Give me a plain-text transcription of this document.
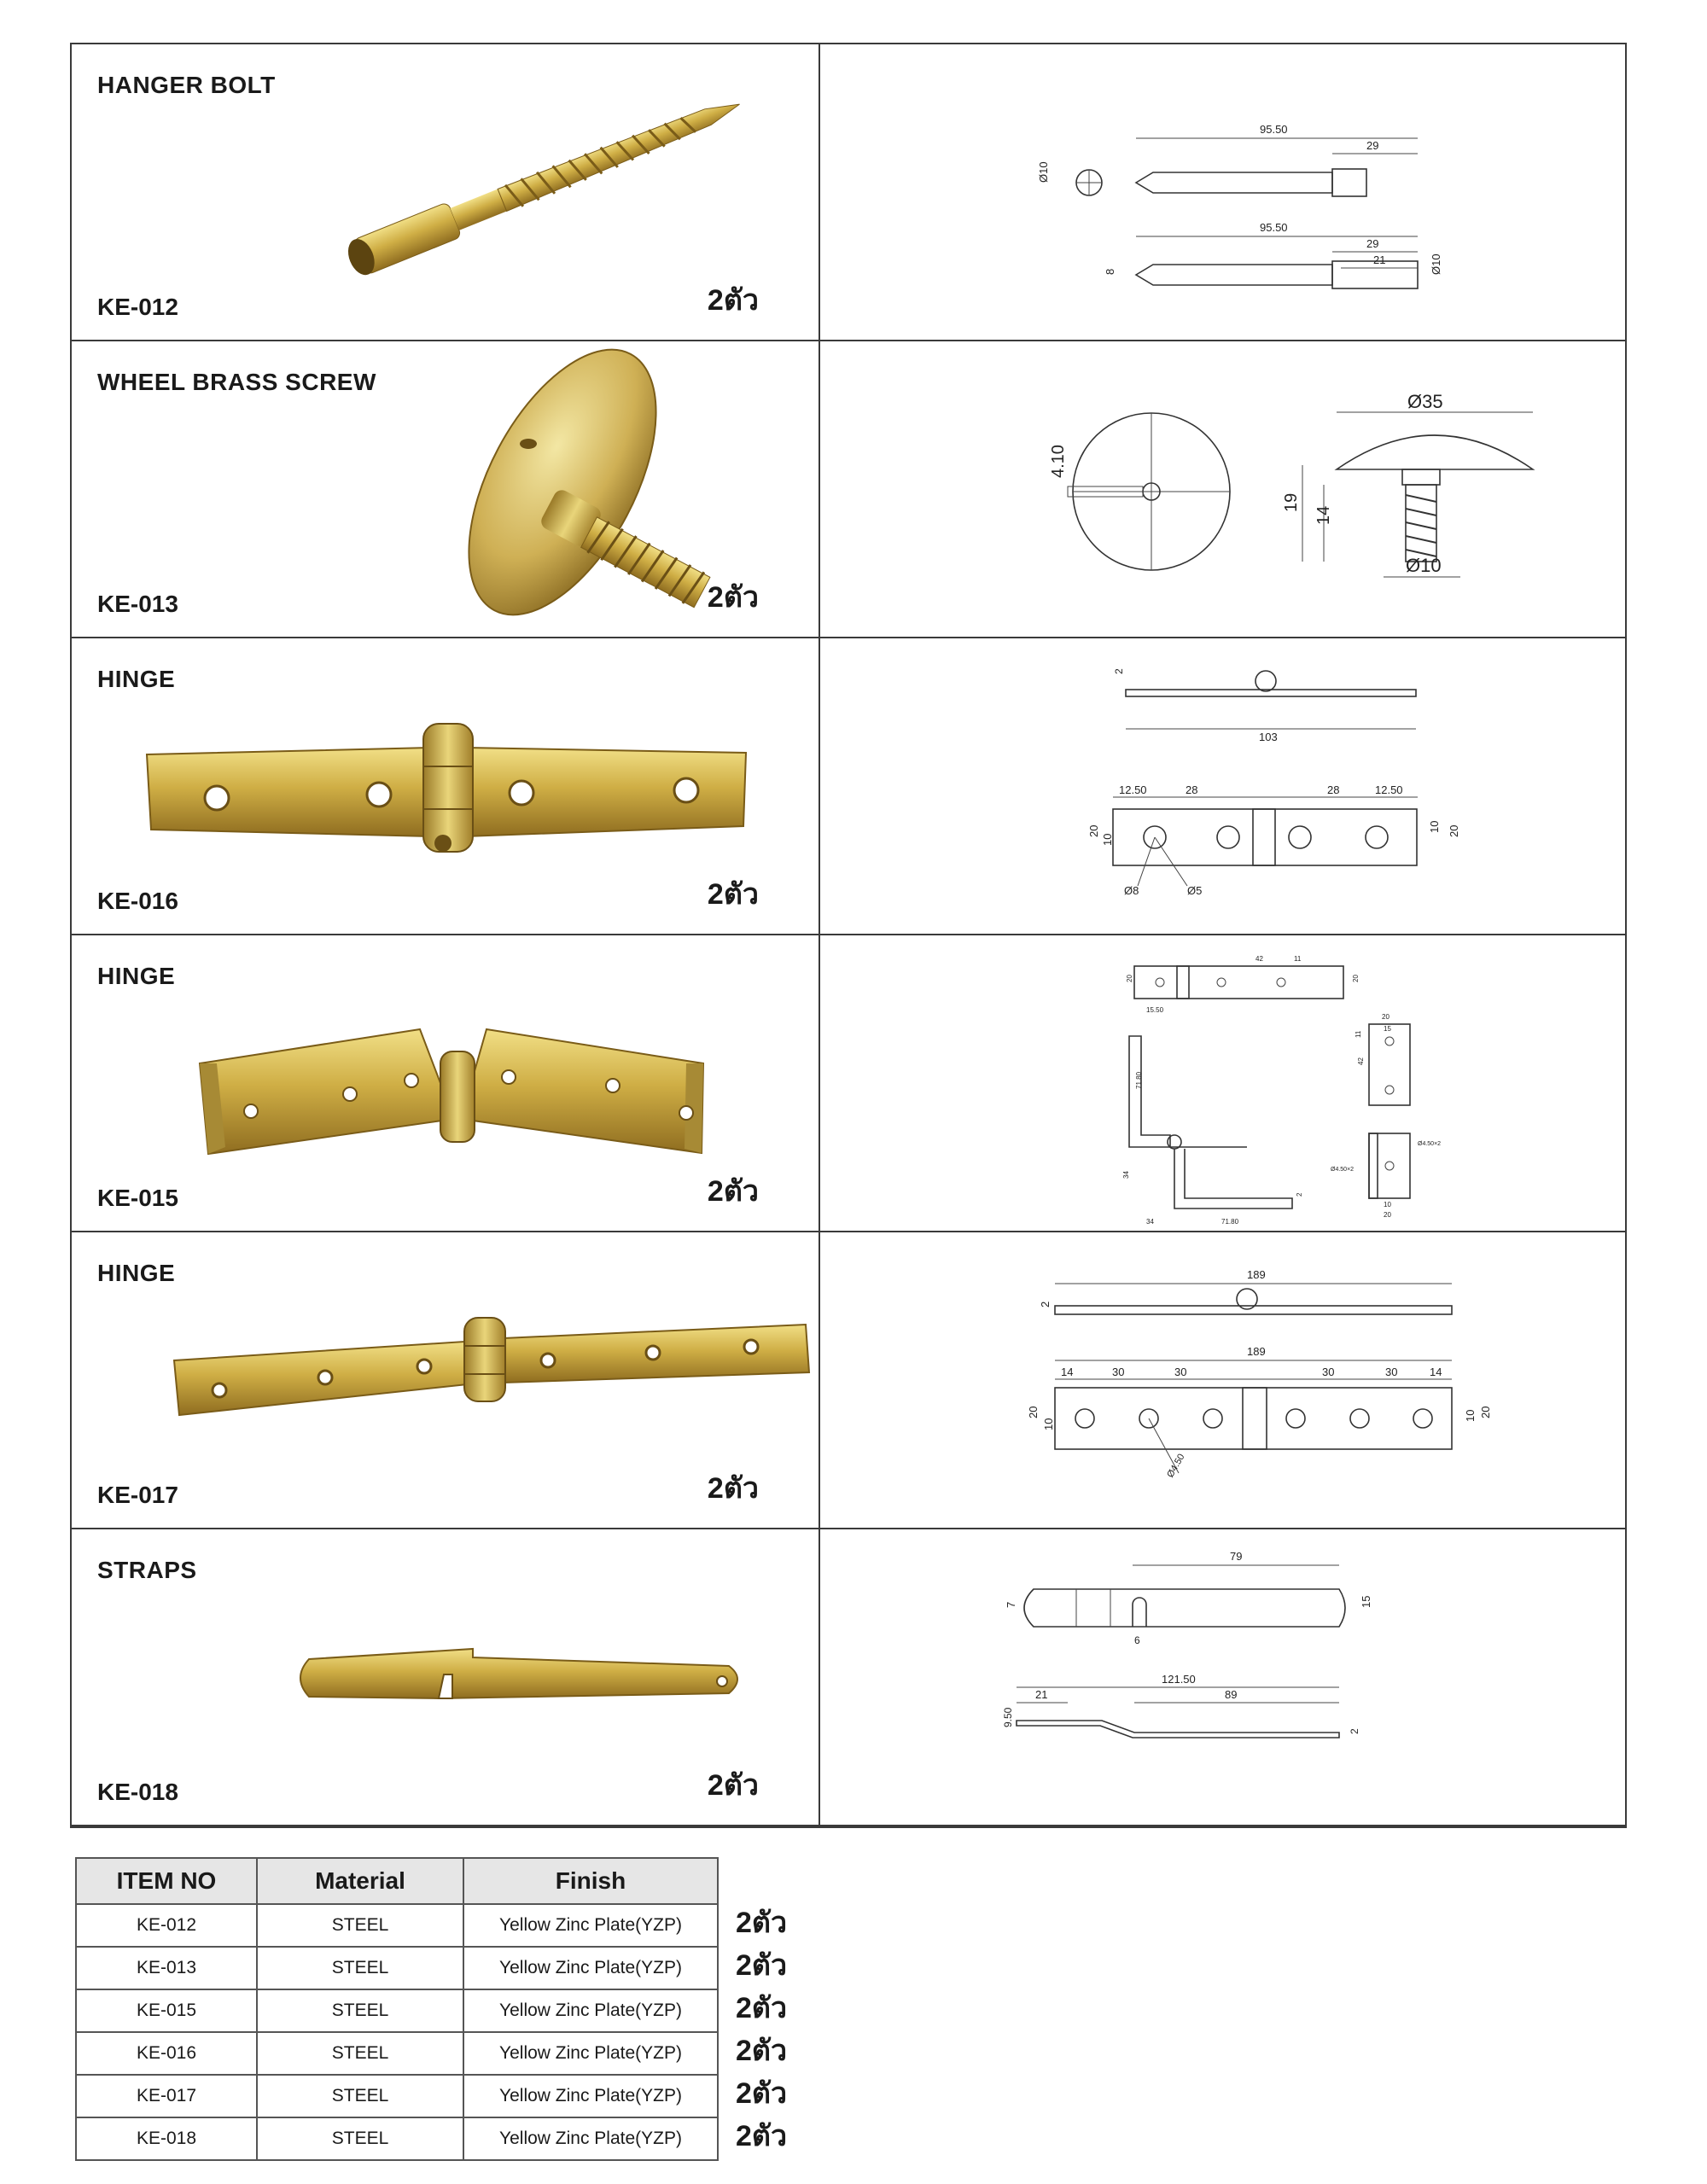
HANGER BOLT
KE-012	2ตัว
Ø10
95.50
29
95.50
29
21
8	Ø10
WHEEL BRASS SCREW
KE-013	2ตัว
4.10
Ø35
19
14
Ø10
HINGE
KE-016	2ตัว
2
103
12.50	28	28	12.50
20
10
10 20
Ø8	Ø5
HINGE
KE-015	2ตัว
42	11
15.50
20	20
71.80
34
34	71.80
2
20
15
11
42
Ø4.50×2
Ø4.50×2
10
20
HINGE
KE-017	2ตัว
189
2
189
14	30	30	30	30	14
20
10
10 20
Ø4.50
STRAPS
KE-018	2ตัว
79
15
7
6
121.50
21	89
9.50
2
ITEM NO	Material	Finish
KE-012	STEEL	Yellow Zinc Plate(YZP)
KE-013	STEEL	Yellow Zinc Plate(YZP)
KE-015	STEEL	Yellow Zinc Plate(YZP)
KE-016	STEEL	Yellow Zinc Plate(YZP)
KE-017	STEEL	Yellow Zinc Plate(YZP)
KE-018	STEEL	Yellow Zinc Plate(YZP)
2ตัว
2ตัว
2ตัว
2ตัว
2ตัว
2ตัว
